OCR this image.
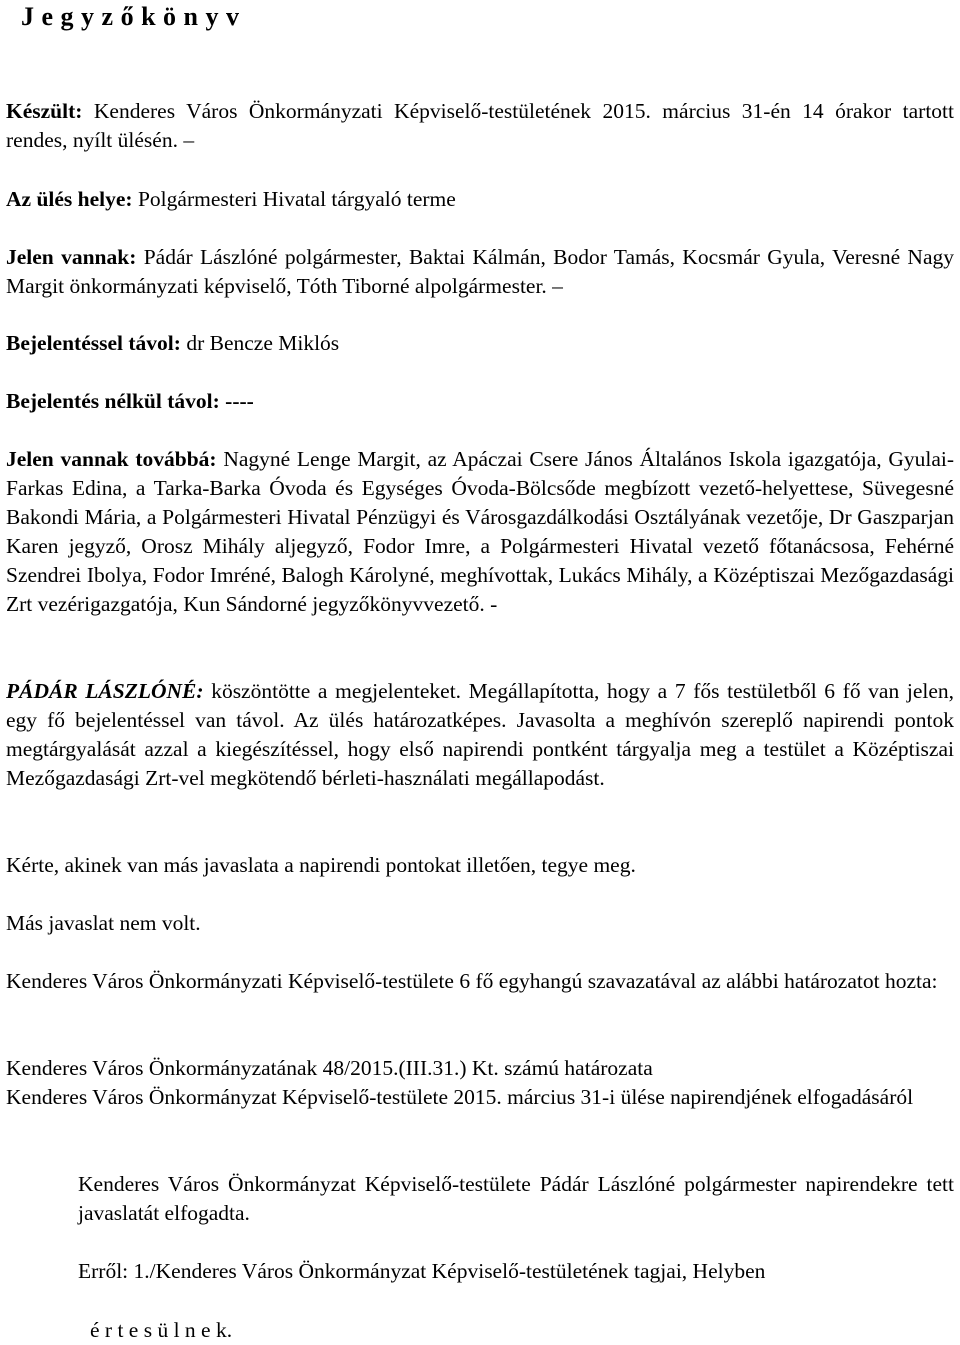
J e g y z ő k ö n y v
Készült: Kenderes Város Önkormányzati Képviselő-testületének 2015. március 31-én 14 órakor tartott rendes, nyílt ülésén. –
Az ülés helye: Polgármesteri Hivatal tárgyaló terme
Jelen vannak: Pádár Lászlóné polgármester, Baktai Kálmán, Bodor Tamás, Kocsmár Gyula, Veresné Nagy Margit önkormányzati képviselő, Tóth Tiborné alpolgármester. –
Bejelentéssel távol: dr Bencze Miklós
Bejelentés nélkül távol: ----
Jelen vannak továbbá: Nagyné Lenge Margit, az Apáczai Csere János Általános Iskola igazgatója, Gyulai-Farkas Edina, a Tarka-Barka Óvoda és Egységes Óvoda-Bölcsőde megbízott vezető-helyettese, Süvegesné Bakondi Mária, a Polgármesteri Hivatal Pénzügyi és Városgazdálkodási Osztályának vezetője, Dr Gaszparjan Karen jegyző, Orosz Mihály aljegyző, Fodor Imre, a Polgármesteri Hivatal vezető főtanácsosa, Fehérné Szendrei Ibolya, Fodor Imréné, Balogh Károlyné, meghívottak, Lukács Mihály, a Középtiszai Mezőgazdasági Zrt vezérigazgatója, Kun Sándorné jegyzőkönyvvezető. -
PÁDÁR LÁSZLÓNÉ: köszöntötte a megjelenteket. Megállapította, hogy a 7 fős testületből 6 fő van jelen, egy fő bejelentéssel van távol. Az ülés határozatképes. Javasolta a meghívón szereplő napirendi pontok megtárgyalását azzal a kiegészítéssel, hogy első napirendi pontként tárgyalja meg a testület a Középtiszai Mezőgazdasági Zrt-vel megkötendő bérleti-használati megállapodást.
Kérte, akinek van más javaslata a napirendi pontokat illetően, tegye meg.
Más javaslat nem volt.
Kenderes Város Önkormányzati Képviselő-testülete 6 fő egyhangú szavazatával az alábbi határozatot hozta:
Kenderes Város Önkormányzatának 48/2015.(III.31.) Kt. számú határozata
Kenderes Város Önkormányzat Képviselő-testülete 2015. március 31-i ülése napirendjének elfogadásáról
Kenderes Város Önkormányzat Képviselő-testülete Pádár Lászlóné polgármester napirendekre tett javaslatát elfogadta.
Erről: 1./Kenderes Város Önkormányzat Képviselő-testületének tagjai, Helyben
é r t e s ü l n e k.
